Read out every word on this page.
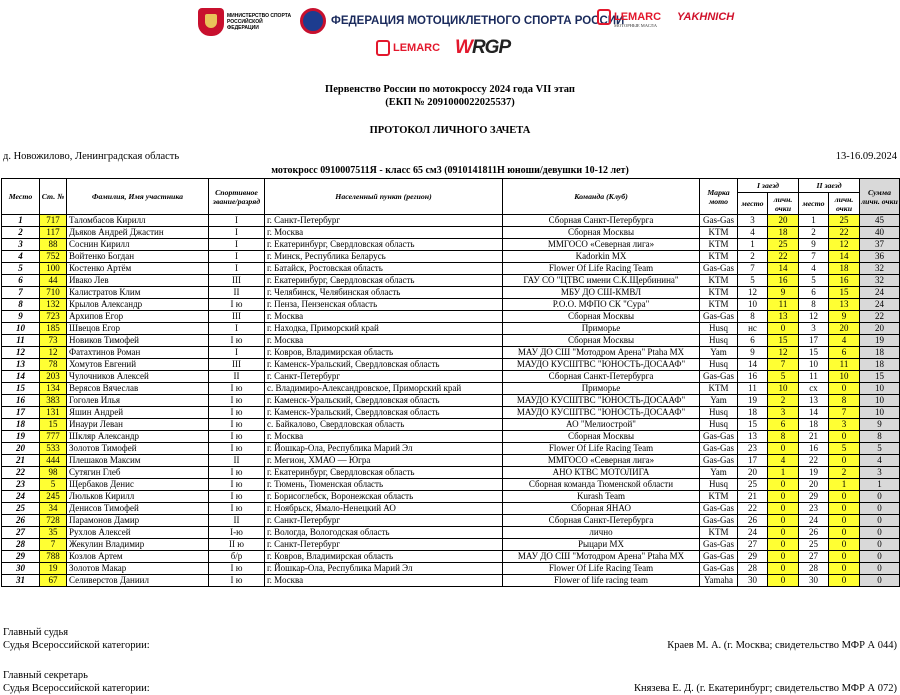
МИНИСТЕРСТВО СПОРТА РОССИЙСКОЙ ФЕДЕРАЦИИ
ФЕДЕРАЦИЯ МОТОЦИКЛЕТНОГО СПОРТА РОССИИ
LEMARC
МОТОРНЫЕ МАСЛА
YAKHNICH
LEMARC WRGP
Первенство России по мотокроссу 2024 года VII этап
(ЕКП № 2091000022025537)
ПРОТОКОЛ ЛИЧНОГО ЗАЧЕТА
д. Новожилово, Ленинградская область	13-16.09.2024
мотокросс 0910007511Я - класс 65 см3 (0910141811Н юноши/девушки 10-12 лет)
Место	Ст. №	Фамилия, Имя участника	Спортивное звание/разряд	Населенный пункт (регион)	Команда (Клуб)	Марка мото	I заезд		II заезд		Сумма личн. очки
							место	личн. очки	место	личн. очки	
1	717	Таломбасов Кирилл	I	г. Санкт-Петербург	Сборная Санкт-Петербурга	Gas-Gas	3	20	1	25	45
2	117	Дьяков Андрей Джастин	I	г. Москва	Сборная Москвы	KTM	4	18	2	22	40
3	88	Соснин Кирилл	I	г. Екатеринбург, Свердловская область	ММГОСО «Северная лига»	KTM	1	25	9	12	37
4	752	Войтенко Богдан	I	г. Минск, Республика Беларусь	Kadorkin MX	KTM	2	22	7	14	36
5	100	Костенко Артём	I	г. Батайск, Ростовская область	Flower Of Life Racing Team	Gas-Gas	7	14	4	18	32
6	44	Ивако Лев	III	г. Екатеринбург, Свердловская область	ГАУ СО "ЦТВС имени С.К.Щербинина"	KTM	5	16	5	16	32
7	710	Калистратов Клим	II	г. Челябинск, Челябинская область	МБУ ДО СШ-КМВЛ	KTM	12	9	6	15	24
8	132	Крылов Александр	I ю	г. Пенза, Пензенская область	Р.О.О. МФПО СК "Сура"	KTM	10	11	8	13	24
9	723	Архипов Егор	III	г. Москва	Сборная Москвы	Gas-Gas	8	13	12	9	22
10	185	Швецов Егор	I	г. Находка, Приморский край	Приморье	Husq	нс	0	3	20	20
11	73	Новиков Тимофей	I ю	г. Москва	Сборная Москвы	Husq	6	15	17	4	19
12	12	Фатахтинов Роман	I	г. Ковров, Владимирская область	МАУ ДО СШ "Мотодром Арена" Ptaha MX	Yam	9	12	15	6	18
13	78	Хомутов Евгений	III	г. Каменск-Уральский, Свердловская область	МАУДО КУСШТВС "ЮНОСТЬ-ДОСААФ"	Husq	14	7	10	11	18
14	203	Чулочников Алексей	II	г. Санкт-Петербург	Сборная Санкт-Петербурга	Gas-Gas	16	5	11	10	15
15	134	Верясов Вячеслав	I ю	с. Владимиро-Александровское, Приморский край	Приморье	KTM	11	10	сх	0	10
16	383	Гоголев Илья	I ю	г. Каменск-Уральский, Свердловская область	МАУДО КУСШТВС "ЮНОСТЬ-ДОСААФ"	Yam	19	2	13	8	10
17	131	Яшин Андрей	I ю	г. Каменск-Уральский, Свердловская область	МАУДО КУСШТВС "ЮНОСТЬ-ДОСААФ"	Husq	18	3	14	7	10
18	15	Инаури Леван	I ю	с. Байкалово, Свердловская область	АО "Мелиострой"	Husq	15	6	18	3	9
19	777	Шкляр Александр	I ю	г. Москва	Сборная Москвы	Gas-Gas	13	8	21	0	8
20	533	Золотов Тимофей	I ю	г. Йошкар-Ола, Республика Марий Эл	Flower Of Life Racing Team	Gas-Gas	23	0	16	5	5
21	444	Плешаков Максим	II	г. Мегион, ХМАО — Югра	ММГОСО «Северная лига»	Gas-Gas	17	4	22	0	4
22	98	Сутягин Глеб	I ю	г. Екатеринбург, Свердловская область	АНО КТВС МОТОЛИГА	Yam	20	1	19	2	3
23	5	Щербаков Денис	I ю	г. Тюмень, Тюменская область	Сборная команда Тюменской области	Husq	25	0	20	1	1
24	245	Люльков Кирилл	I ю	г. Борисоглебск, Воронежская область	Kurash Team	KTM	21	0	29	0	0
25	34	Денисов Тимофей	I ю	г. Ноябрьск, Ямало-Ненецкий АО	Сборная ЯНАО	Gas-Gas	22	0	23	0	0
26	728	Парамонов Дамир	II	г. Санкт-Петербург	Сборная Санкт-Петербурга	Gas-Gas	26	0	24	0	0
27	35	Рухлов Алексей	I-ю	г. Вологда, Вологодская область	лично	KTM	24	0	26	0	0
28	7	Жекулин Владимир	II ю	г. Санкт-Петербург	Рыцари MX	Gas-Gas	27	0	25	0	0
29	788	Козлов Артем	б/р	г. Ковров, Владимирская область	МАУ ДО СШ "Мотодром Арена" Ptaha MX	Gas-Gas	29	0	27	0	0
30	19	Золотов Макар	I ю	г. Йошкар-Ола, Республика Марий Эл	Flower Of Life Racing Team	Gas-Gas	28	0	28	0	0
31	67	Селиверстов Даниил	I ю	г. Москва	Flower of life racing team	Yamaha	30	0	30	0	0
Главный судья
Судья Всероссийской категории:	Краев М. А. (г. Москва; свидетельство МФР А 044)
Главный секретарь
Судья Всероссийской категории:	Князева Е. Д. (г. Екатеринбург; свидетельство МФР А 072)
